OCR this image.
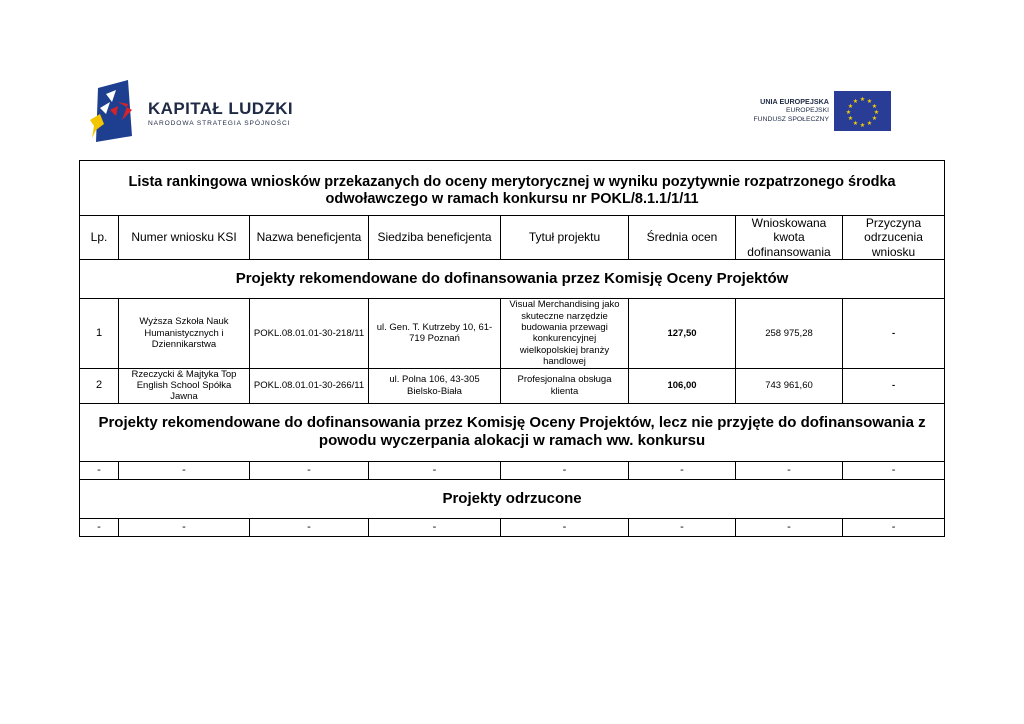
KAPITAŁ LUDZKI
NARODOWA STRATEGIA SPÓJNOŚCI
UNIA EUROPEJSKA
EUROPEJSKI
FUNDUSZ SPOŁECZNY
★ ★
★
★
★
★
★
★
★
★
★
★
Lista rankingowa wniosków przekazanych do oceny merytorycznej w wyniku pozytywnie rozpatrzonego środka
odwoławczego w ramach konkursu nr POKL/8.1.1/1/11							

Lp.	Numer wniosku KSI	Nazwa beneficjenta	Siedziba beneficjenta	Tytuł projektu	Średnia ocen	Wnioskowana kwota dofinansowania	Przyczyna odrzucenia wniosku
Projekty rekomendowane do dofinansowania przez Komisję Oceny Projektów							
1	Wyższa Szkoła Nauk Humanistycznych i Dziennikarstwa	POKL.08.01.01-30-218/11	ul. Gen. T. Kutrzeby 10, 61-719 Poznań	Visual Merchandising jako skuteczne narzędzie budowania przewagi konkurencyjnej wielkopolskiej branży handlowej	127,50	258 975,28	-
2	Rzeczycki & Majtyka Top English School Spółka Jawna	POKL.08.01.01-30-266/11	ul. Polna 106, 43-305 Bielsko-Biała	Profesjonalna obsługa klienta	106,00	743 961,60	-

Projekty rekomendowane do dofinansowania przez Komisję Oceny Projektów, lecz nie przyjęte do dofinansowania z
powodu wyczerpania alokacji w ramach ww. konkursu							

-	-	-	-	-	-	-	-
Projekty odrzucone							
-	-	-	-	-	-	-	-
